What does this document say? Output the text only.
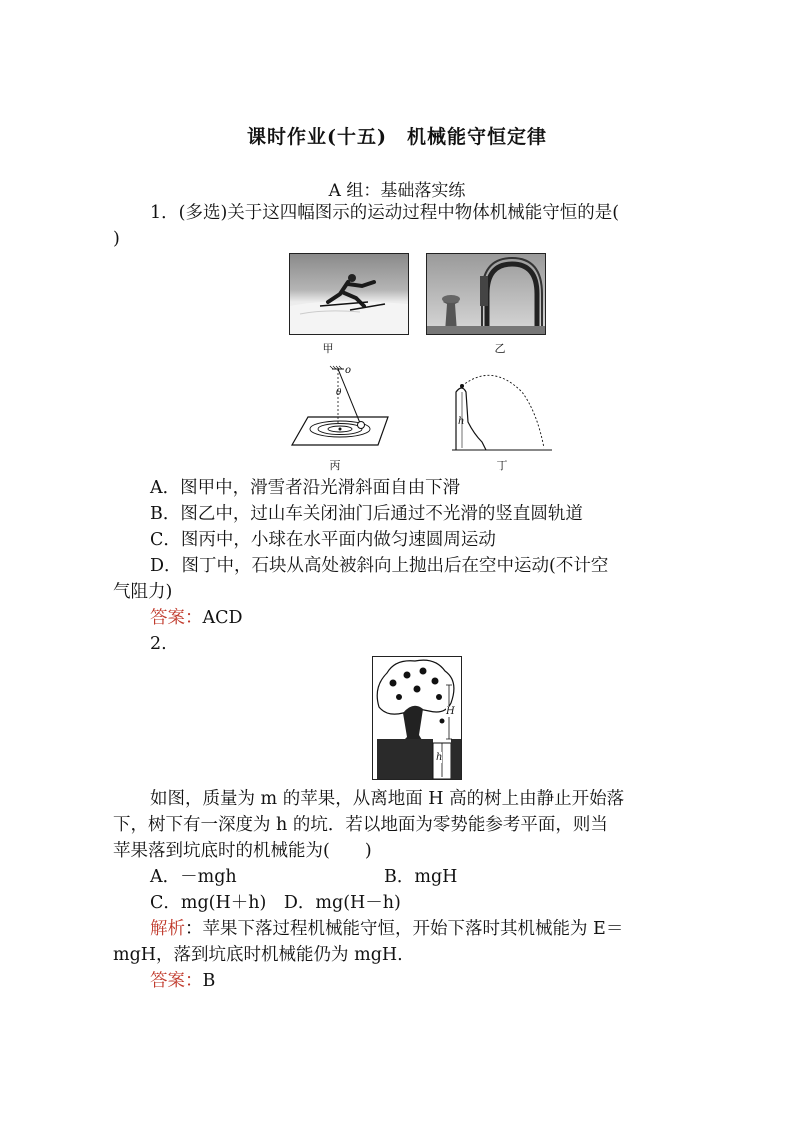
课时作业(十五)　机械能守恒定律
A 组：基础落实练
1．(多选)关于这四幅图示的运动过程中物体机械能守恒的是(
)
甲	乙
o
θ
丙
h
丁
A．图甲中，滑雪者沿光滑斜面自由下滑
B．图乙中，过山车关闭油门后通过不光滑的竖直圆轨道
C．图丙中，小球在水平面内做匀速圆周运动
D．图丁中，石块从高处被斜向上抛出后在空中运动(不计空
气阻力)
答案：ACD
2.
H
h
如图，质量为 m 的苹果，从离地面 H 高的树上由静止开始落
下，树下有一深度为 h 的坑．若以地面为零势能参考平面，则当
苹果落到坑底时的机械能为(　　)
A．－mgh	B．mgH
C．mg(H＋h)　D．mg(H－h)
解析：苹果下落过程机械能守恒，开始下落时其机械能为 E＝
mgH，落到坑底时机械能仍为 mgH.
答案：B
